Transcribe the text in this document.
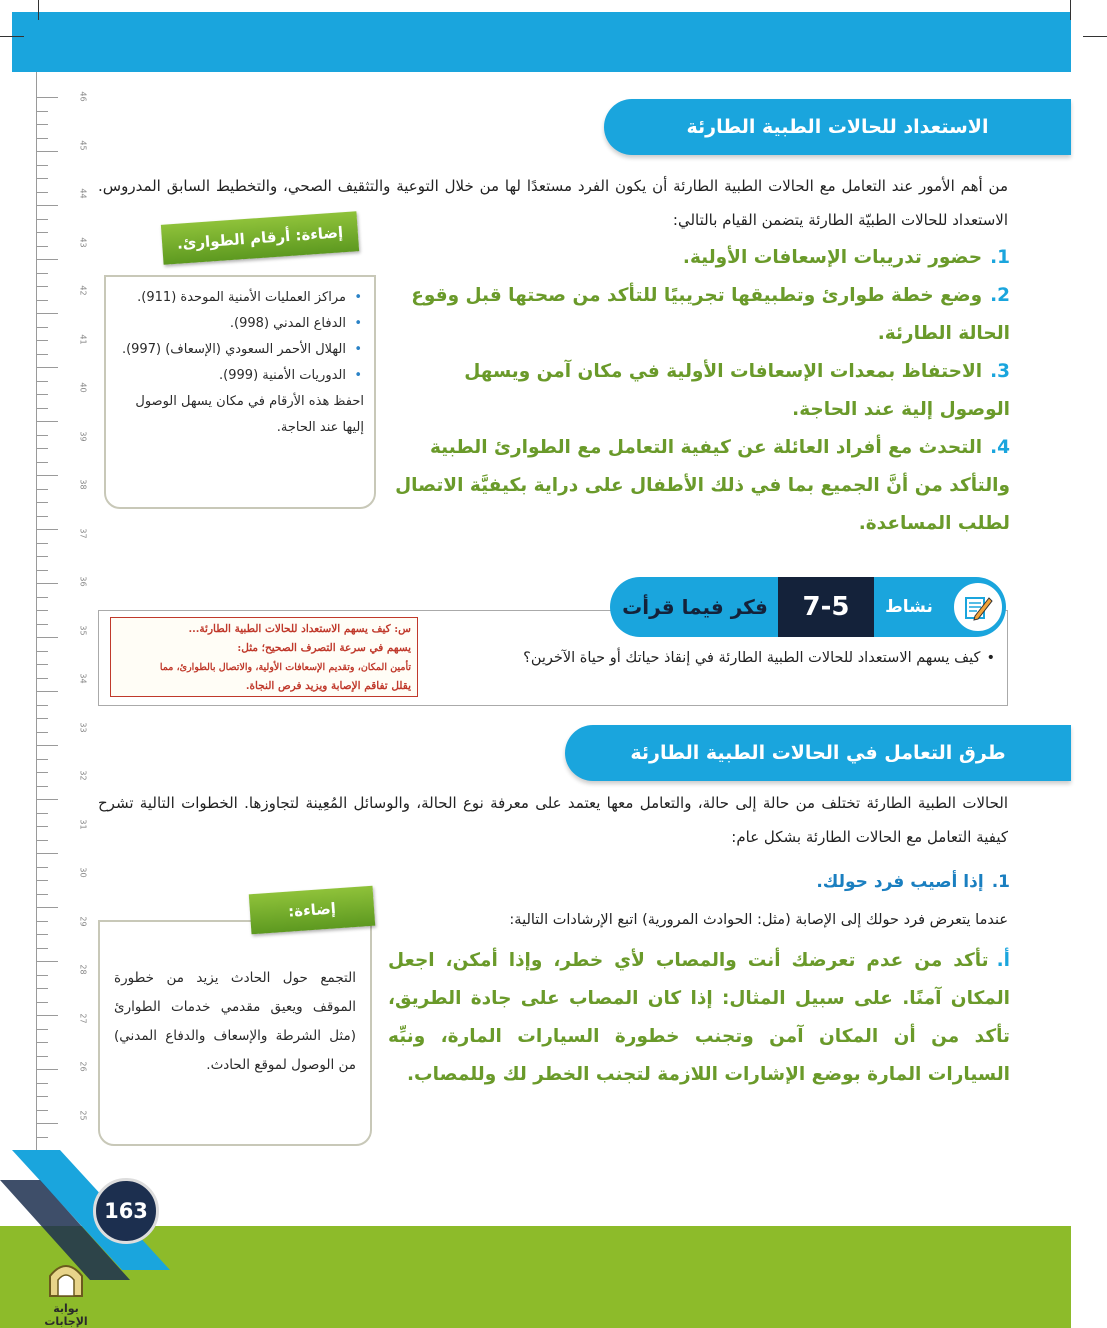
46
45
44
43
42
41
40
39
38
37
36
35
34
33
32
31
30
29
28
27
26
25
الاستعداد للحالات الطبية الطارئة
من أهم الأمور عند التعامل مع الحالات الطبية الطارئة أن يكون الفرد مستعدًا لها من خلال التوعية والتثقيف الصحي، والتخطيط السابق المدروس. الاستعداد للحالات الطبيّة الطارئة يتضمن القيام بالتالي:
1.حضور تدريبات الإسعافات الأولية.
2.وضع خطة طوارئ وتطبيقها تجريبيًا للتأكد من صحتها قبل وقوع الحالة الطارئة.
3.الاحتفاظ بمعدات الإسعافات الأولية في مكان آمن ويسهل الوصول إلية عند الحاجة.
4.التحدث مع أفراد العائلة عن كيفية التعامل مع الطوارئ الطبية والتأكد من أنَّ الجميع بما في ذلك الأطفال على دراية بكيفيَّة الاتصال لطلب المساعدة.
•
مراكز العمليات الأمنية الموحدة (911).
•
الدفاع المدني (998).
•
الهلال الأحمر السعودي (الإسعاف) (997).
•
الدوريات الأمنية (999).
احفظ هذه الأرقام في مكان يسهل الوصول إليها عند الحاجة.
إضاءة: أرقام الطوارئ.
فكر فيما قرأت	7-5	نشاط
•كيف يسهم الاستعداد للحالات الطبية الطارئة في إنقاذ حياتك أو حياة الآخرين؟
س: كيف يسهم الاستعداد للحالات الطبية الطارئة...
يسهم في سرعة التصرف الصحيح؛ مثل:
تأمين المكان، وتقديم الإسعافات الأولية، والاتصال بالطوارئ، مما
يقلل تفاقم الإصابة ويزيد فرص النجاة.
طرق التعامل في الحالات الطبية الطارئة
الحالات الطبية الطارئة تختلف من حالة إلى حالة، والتعامل معها يعتمد على معرفة نوع الحالة، والوسائل المُعِينة لتجاوزها. الخطوات التالية تشرح كيفية التعامل مع الحالات الطارئة بشكل عام:
1.إذا أصيب فرد حولك.
عندما يتعرض فرد حولك إلى الإصابة (مثل: الحوادث المرورية) اتبع الإرشادات التالية:
أ.تأكد من عدم تعرضك أنت والمصاب لأي خطر، وإذا أمكن، اجعل المكان آمنًا. على سبيل المثال: إذا كان المصاب على جادة الطريق، تأكد من أن المكان آمن وتجنب خطورة السيارات المارة، ونبِّه السيارات المارة بوضع الإشارات اللازمة لتجنب الخطر لك وللمصاب.
التجمع حول الحادث يزيد من خطورة الموقف ويعيق مقدمي خدمات الطوارئ (مثل الشرطة والإسعاف والدفاع المدني) من الوصول لموقع الحادث.
إضاءة:
163
بوابة الإجابات
